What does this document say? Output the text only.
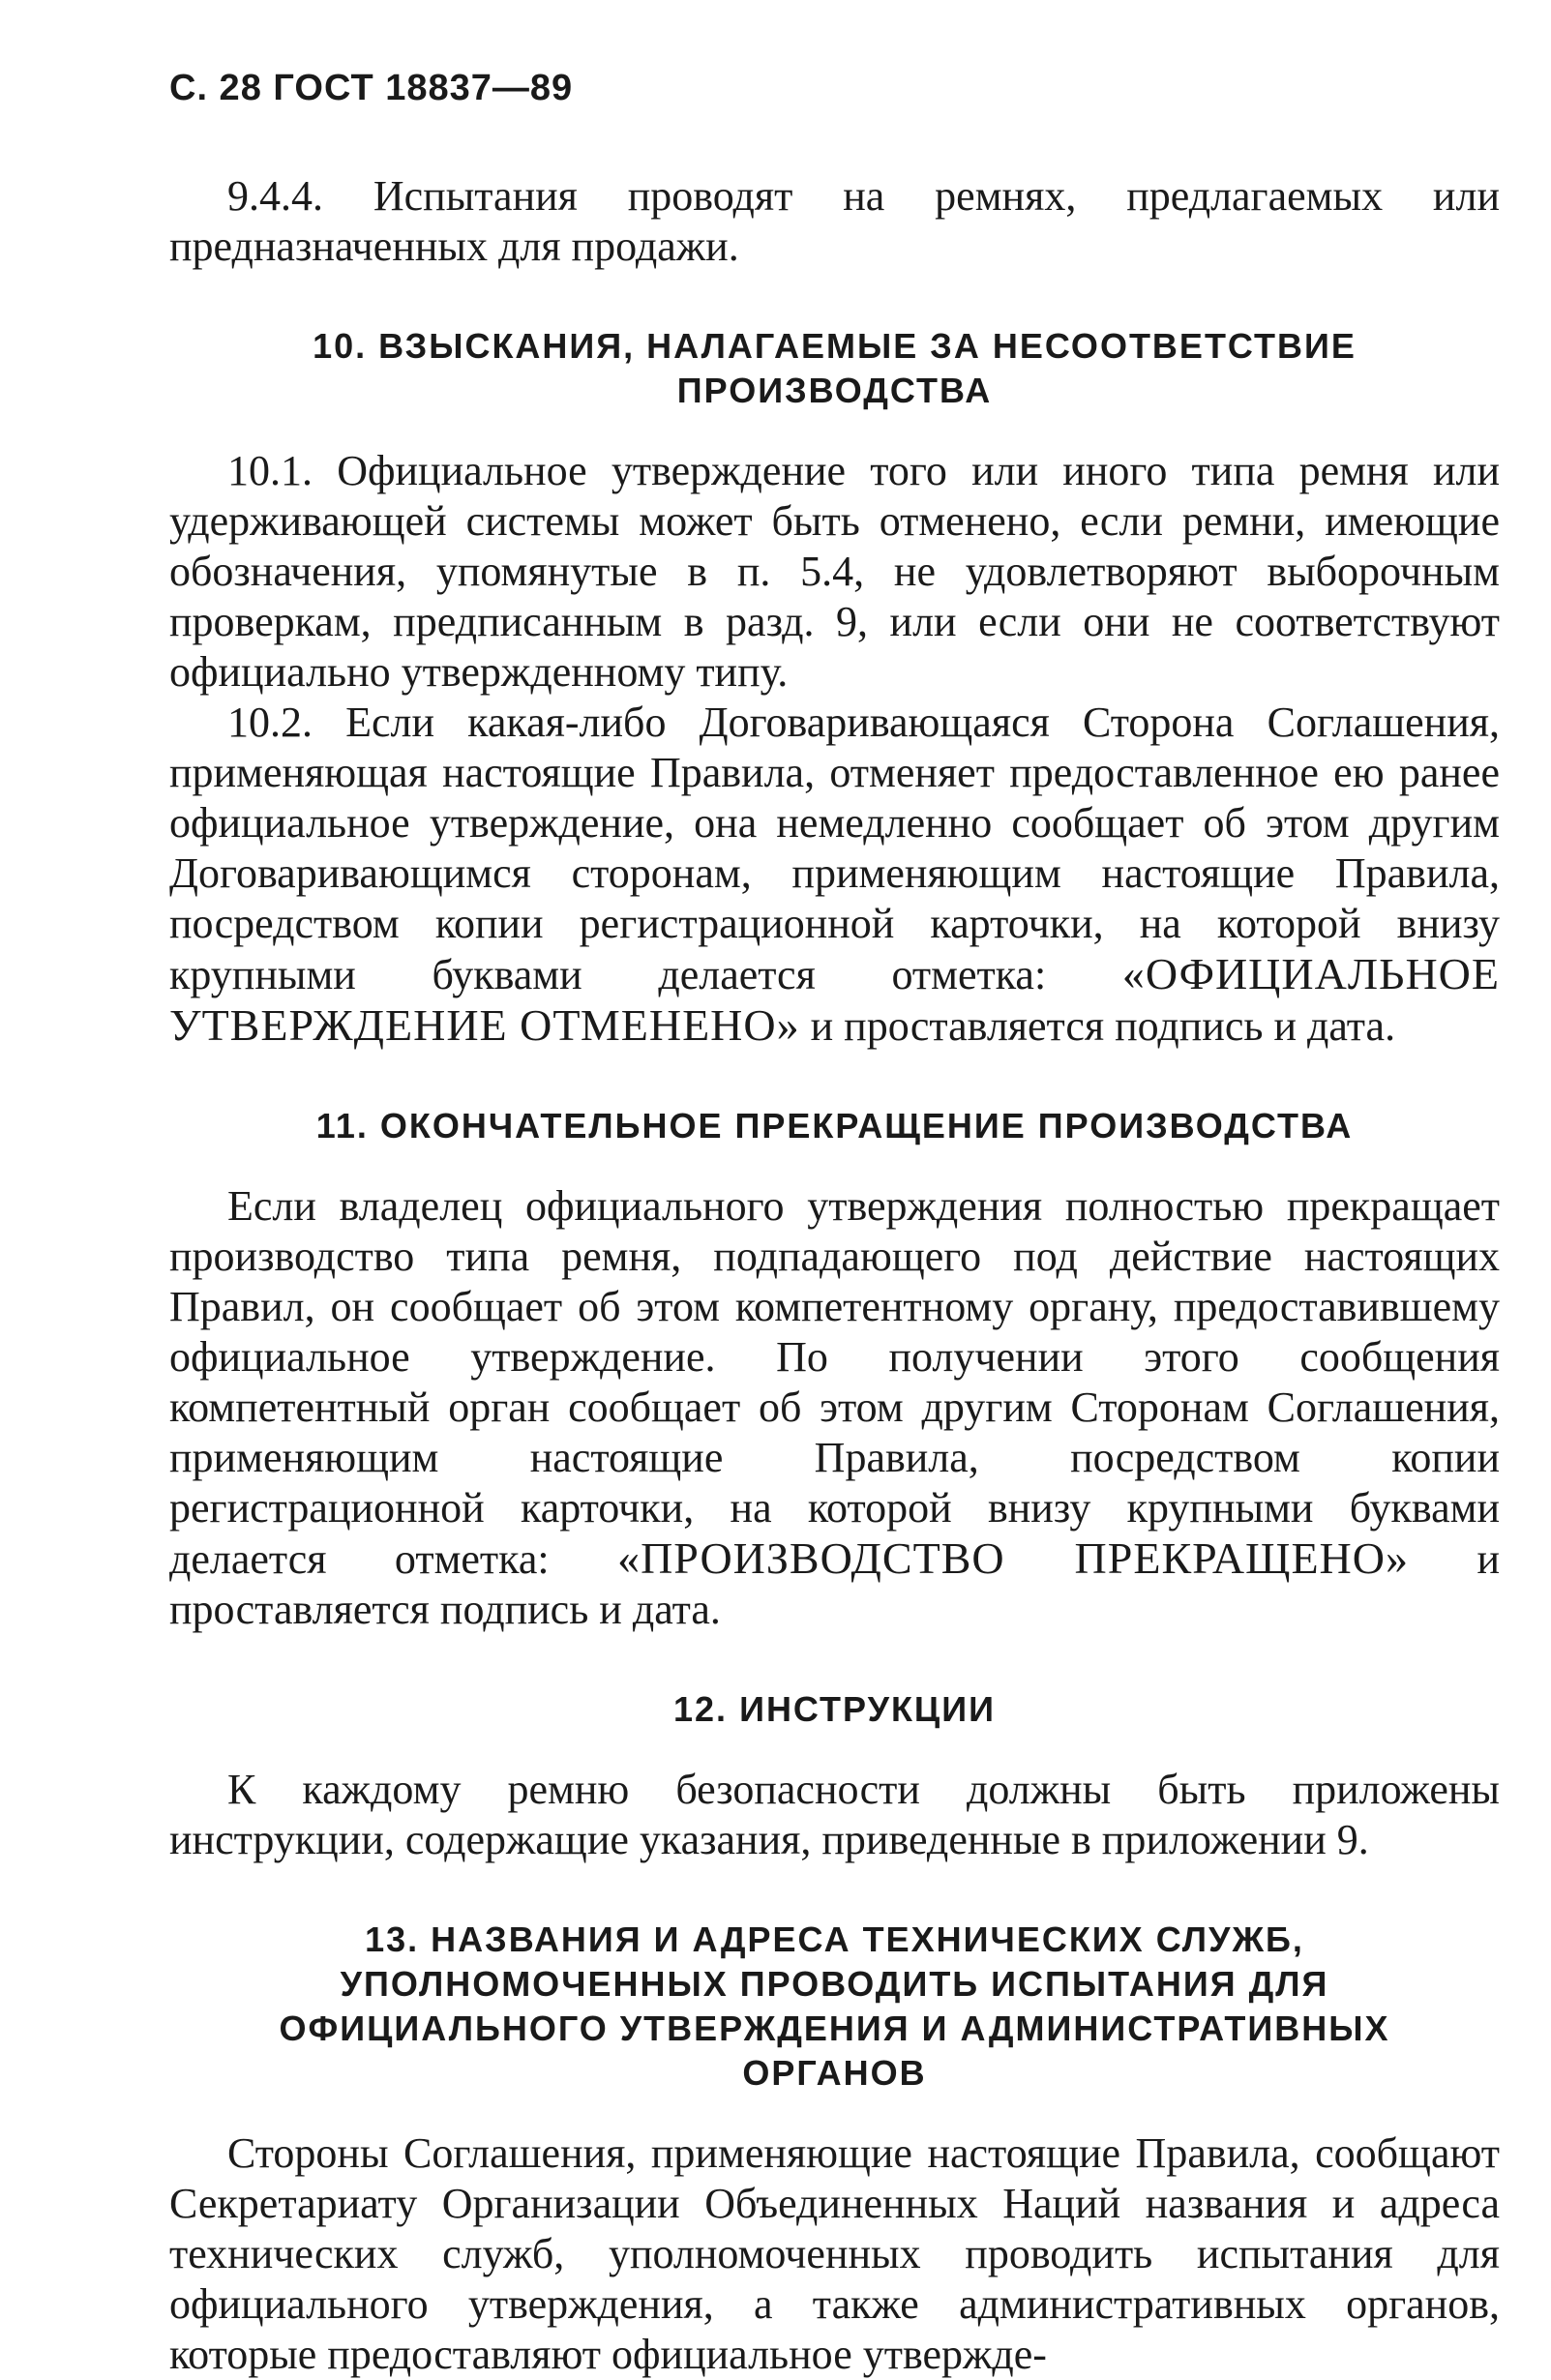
С. 28 ГОСТ 18837—89

9.4.4. Испытания проводят на ремнях, предлагаемых или предназначенных для продажи.

10. ВЗЫСКАНИЯ, НАЛАГАЕМЫЕ ЗА НЕСООТВЕТСТВИЕ
ПРОИЗВОДСТВА

10.1. Официальное утверждение того или иного типа ремня или удерживающей системы может быть отменено, если ремни, имеющие обозначения, упомянутые в п. 5.4, не удовлетворяют выборочным проверкам, предписанным в разд. 9, или если они не соответствуют официально утвержденному типу.

10.2. Если какая-либо Договаривающаяся Сторона Соглашения, применяющая настоящие Правила, отменяет предоставленное ею ранее официальное утверждение, она немедленно сообщает об этом другим Договаривающимся сторонам, применяющим настоящие Правила, посредством копии регистрационной карточки, на которой внизу крупными буквами делается отметка: «ОФИЦИАЛЬНОЕ УТВЕРЖДЕНИЕ ОТМЕНЕНО» и проставляется подпись и дата.

11. ОКОНЧАТЕЛЬНОЕ ПРЕКРАЩЕНИЕ ПРОИЗВОДСТВА

Если владелец официального утверждения полностью прекращает производство типа ремня, подпадающего под действие настоящих Правил, он сообщает об этом компетентному органу, предоставившему официальное утверждение. По получении этого сообщения компетентный орган сообщает об этом другим Сторонам Соглашения, применяющим настоящие Правила, посредством копии регистрационной карточки, на которой внизу крупными буквами делается отметка: «ПРОИЗВОДСТВО ПРЕКРАЩЕНО» и проставляется подпись и дата.

12. ИНСТРУКЦИИ

К каждому ремню безопасности должны быть приложены инструкции, содержащие указания, приведенные в приложении 9.

13. НАЗВАНИЯ И АДРЕСА ТЕХНИЧЕСКИХ СЛУЖБ,
УПОЛНОМОЧЕННЫХ ПРОВОДИТЬ ИСПЫТАНИЯ ДЛЯ
ОФИЦИАЛЬНОГО УТВЕРЖДЕНИЯ И АДМИНИСТРАТИВНЫХ
ОРГАНОВ

Стороны Соглашения, применяющие настоящие Правила, сообщают Секретариату Организации Объединенных Наций названия и адреса технических служб, уполномоченных проводить испытания для официального утверждения, а также административных органов, которые предоставляют официальное утвержде-
